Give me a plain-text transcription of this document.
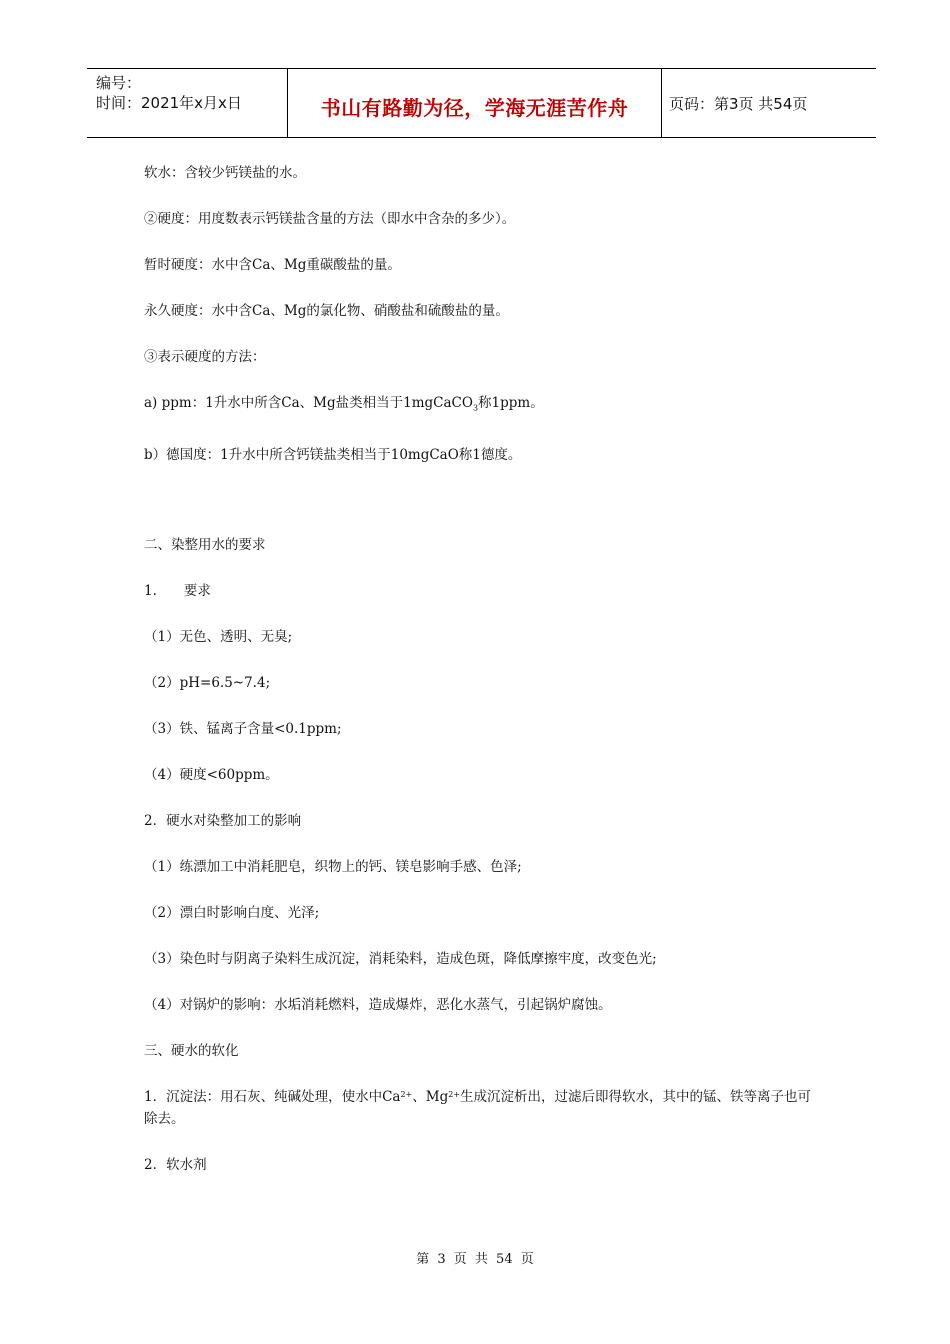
编号：
时间：2021年x月x日	书山有路勤为径，学海无涯苦作舟	页码：第3页 共54页
软水：含较少钙镁盐的水。
②硬度：用度数表示钙镁盐含量的方法（即水中含杂的多少）。
暂时硬度：水中含Ca、Mg重碳酸盐的量。
永久硬度：水中含Ca、Mg的氯化物、硝酸盐和硫酸盐的量。
③表示硬度的方法：
a) ppm：1升水中所含Ca、Mg盐类相当于1mgCaCO$_3$称1ppm。
b）德国度：1升水中所含钙镁盐类相当于10mgCaO称1德度。
二、染整用水的要求
1.　　要求
（1）无色、透明、无臭;
（2）pH=6.5~7.4;
（3）铁、锰离子含量<0.1ppm;
（4）硬度<60ppm。
2．硬水对染整加工的影响
（1）练漂加工中消耗肥皂，织物上的钙、镁皂影响手感、色泽;
（2）漂白时影响白度、光泽;
（3）染色时与阴离子染料生成沉淀，消耗染料，造成色斑，降低摩擦牢度，改变色光;
（4）对锅炉的影响：水垢消耗燃料，造成爆炸，恶化水蒸气，引起锅炉腐蚀。
三、硬水的软化
1．沉淀法：用石灰、纯碱处理，使水中$Ca^{2+}$、$Mg^{2+}$生成沉淀析出，过滤后即得软水，其中的锰、铁等离子也可除去。
2．软水剂
第 3 页 共 54 页
